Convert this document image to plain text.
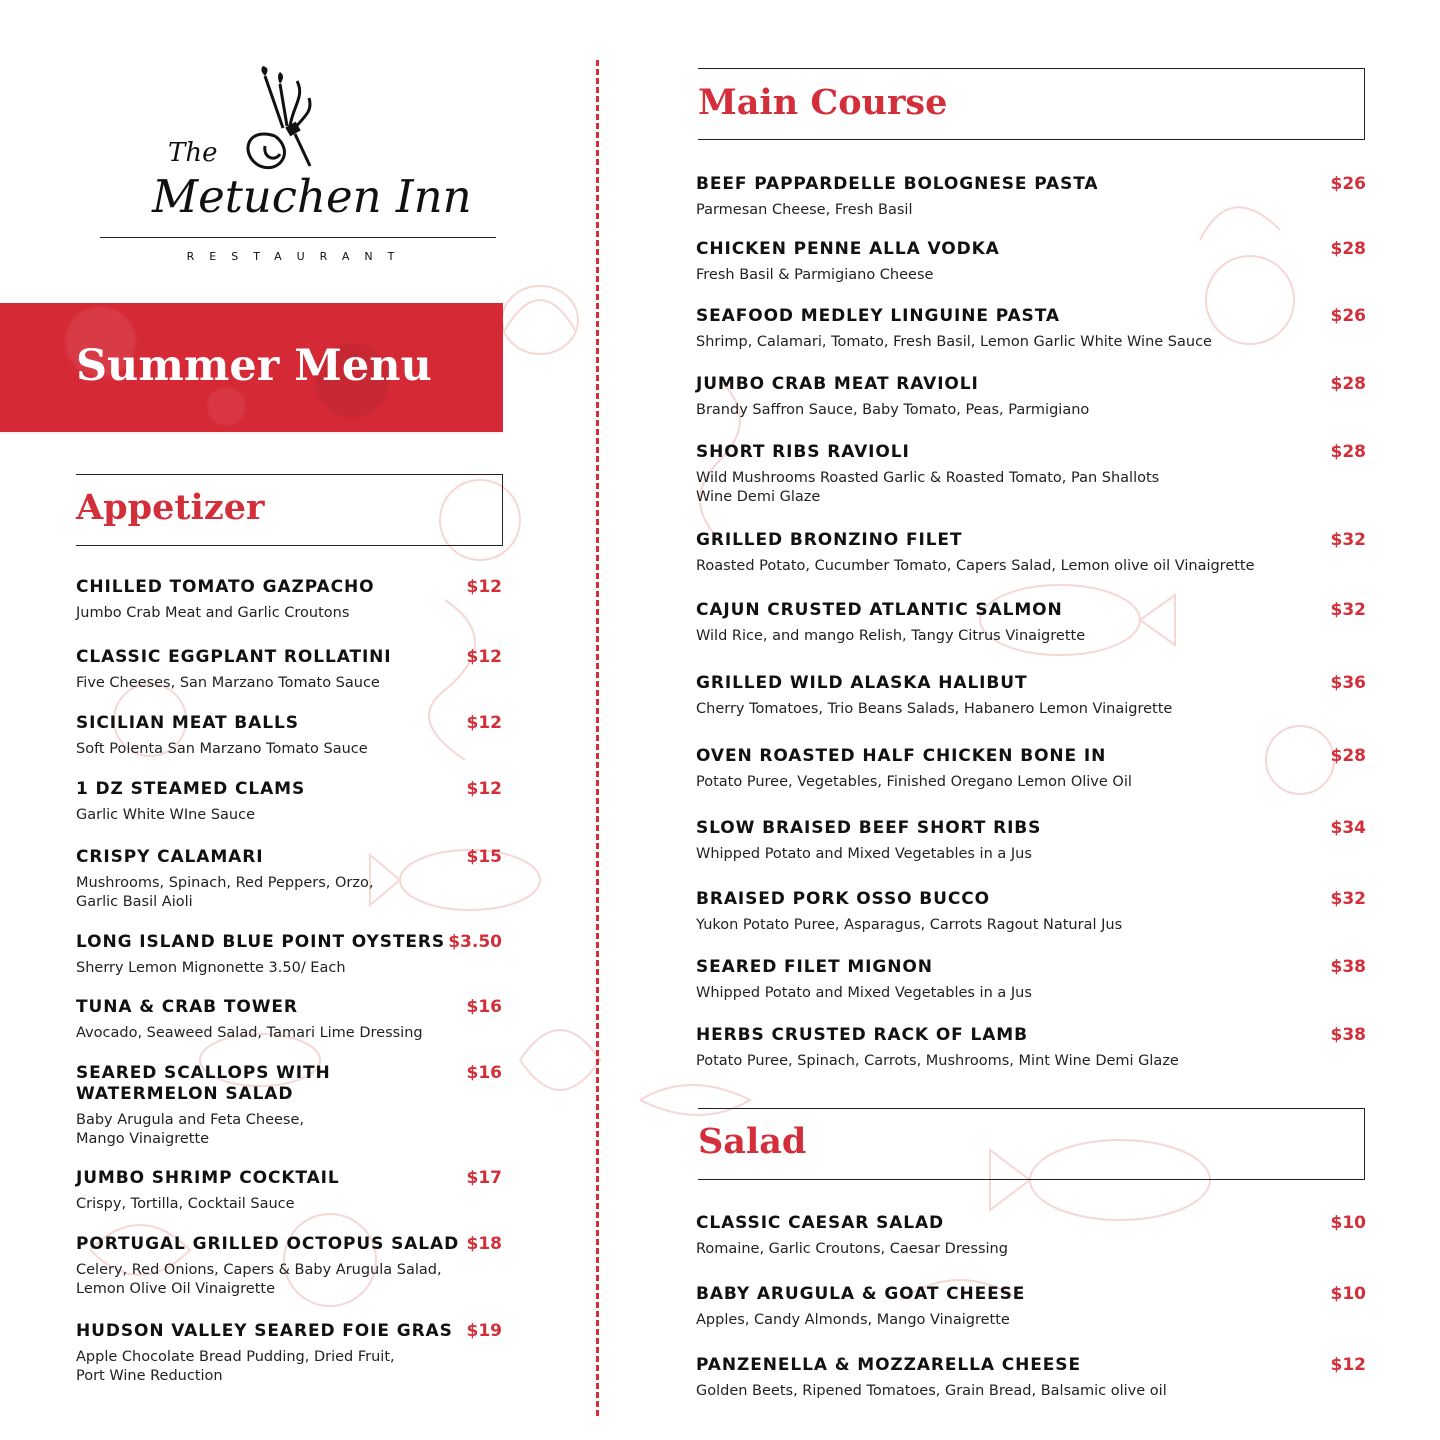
The
Metuchen Inn
RESTAURANT
Summer Menu
Appetizer
CHILLED TOMATO GAZPACHO	$12
Jumbo Crab Meat and Garlic Croutons
CLASSIC EGGPLANT ROLLATINI	$12
Five Cheeses, San Marzano Tomato Sauce
SICILIAN MEAT BALLS	$12
Soft Polenta San Marzano Tomato Sauce
1 DZ STEAMED CLAMS	$12
Garlic White WIne Sauce
CRISPY CALAMARI	$15
Mushrooms, Spinach, Red Peppers, Orzo,
Garlic Basil Aioli
LONG ISLAND BLUE POINT OYSTERS $3.50
Sherry Lemon Mignonette 3.50/ Each
TUNA & CRAB TOWER	$16
Avocado, Seaweed Salad, Tamari Lime Dressing
SEARED SCALLOPS WITH
WATERMELON SALAD
$16
Baby Arugula and Feta Cheese,
Mango Vinaigrette
JUMBO SHRIMP COCKTAIL	$17
Crispy, Tortilla, Cocktail Sauce
PORTUGAL GRILLED OCTOPUS SALAD $18
Celery, Red Onions, Capers & Baby Arugula Salad,
Lemon Olive Oil Vinaigrette
HUDSON VALLEY SEARED FOIE GRAS $19
Apple Chocolate Bread Pudding, Dried Fruit,
Port Wine Reduction
Main Course
BEEF PAPPARDELLE BOLOGNESE PASTA	$26
Parmesan Cheese, Fresh Basil
CHICKEN PENNE ALLA VODKA	$28
Fresh Basil & Parmigiano Cheese
SEAFOOD MEDLEY LINGUINE PASTA	$26
Shrimp, Calamari, Tomato, Fresh Basil, Lemon Garlic White Wine Sauce
JUMBO CRAB MEAT RAVIOLI	$28
Brandy Saffron Sauce, Baby Tomato, Peas, Parmigiano
SHORT RIBS RAVIOLI	$28
Wild Mushrooms Roasted Garlic & Roasted Tomato, Pan Shallots
Wine Demi Glaze
GRILLED BRONZINO FILET	$32
Roasted Potato, Cucumber Tomato, Capers Salad, Lemon olive oil Vinaigrette
CAJUN CRUSTED ATLANTIC SALMON	$32
Wild Rice, and mango Relish, Tangy Citrus Vinaigrette
GRILLED WILD ALASKA HALIBUT	$36
Cherry Tomatoes, Trio Beans Salads, Habanero Lemon Vinaigrette
OVEN ROASTED HALF CHICKEN BONE IN	$28
Potato Puree, Vegetables, Finished Oregano Lemon Olive Oil
SLOW BRAISED BEEF SHORT RIBS	$34
Whipped Potato and Mixed Vegetables in a Jus
BRAISED PORK OSSO BUCCO	$32
Yukon Potato Puree, Asparagus, Carrots Ragout Natural Jus
SEARED FILET MIGNON	$38
Whipped Potato and Mixed Vegetables in a Jus
HERBS CRUSTED RACK OF LAMB	$38
Potato Puree, Spinach, Carrots, Mushrooms, Mint Wine Demi Glaze
Salad
CLASSIC CAESAR SALAD	$10
Romaine, Garlic Croutons, Caesar Dressing
BABY ARUGULA & GOAT CHEESE	$10
Apples, Candy Almonds, Mango Vinaigrette
PANZENELLA & MOZZARELLA CHEESE	$12
Golden Beets, Ripened Tomatoes, Grain Bread, Balsamic olive oil
